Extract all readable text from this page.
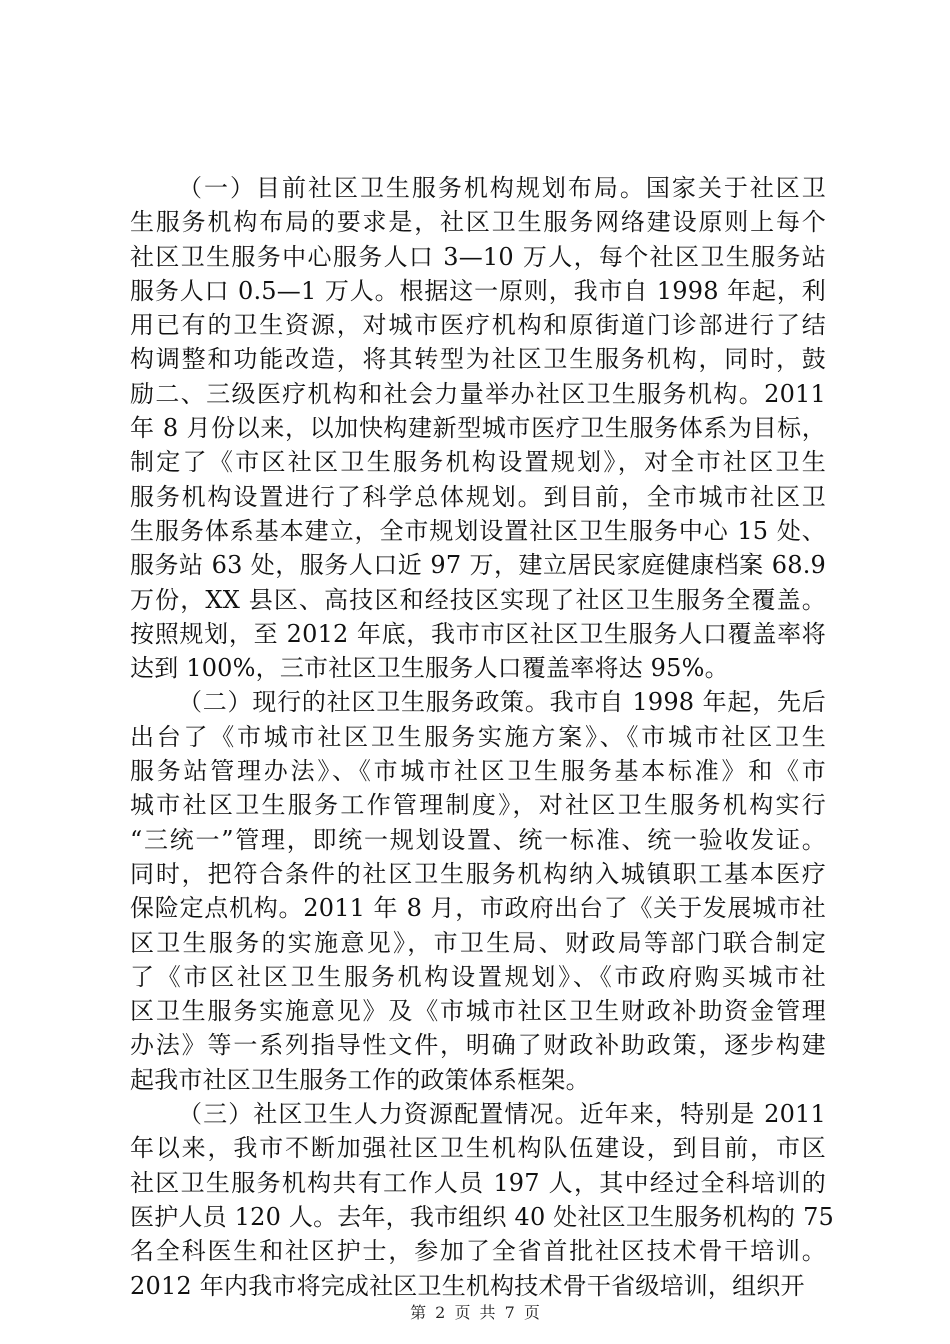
（一）目前社区卫生服务机构规划布局。国家关于社区卫
生服务机构布局的要求是，社区卫生服务网络建设原则上每个
社区卫生服务中心服务人口 3—10 万人，每个社区卫生服务站
服务人口 0.5—1 万人。根据这一原则，我市自 1998 年起，利
用已有的卫生资源，对城市医疗机构和原街道门诊部进行了结
构调整和功能改造，将其转型为社区卫生服务机构，同时，鼓
励二、三级医疗机构和社会力量举办社区卫生服务机构。2011
年 8 月份以来，以加快构建新型城市医疗卫生服务体系为目标，
制定了《市区社区卫生服务机构设置规划》，对全市社区卫生
服务机构设置进行了科学总体规划。到目前，全市城市社区卫
生服务体系基本建立，全市规划设置社区卫生服务中心 15 处、
服务站 63 处，服务人口近 97 万，建立居民家庭健康档案 68.9
万份，XX 县区、高技区和经技区实现了社区卫生服务全覆盖。
按照规划，至 2012 年底，我市市区社区卫生服务人口覆盖率将
达到 100%，三市社区卫生服务人口覆盖率将达 95%。
（二）现行的社区卫生服务政策。我市自 1998 年起，先后
出台了《市城市社区卫生服务实施方案》、《市城市社区卫生
服务站管理办法》、《市城市社区卫生服务基本标准》和《市
城市社区卫生服务工作管理制度》，对社区卫生服务机构实行
“三统一”管理，即统一规划设置、统一标准、统一验收发证。
同时，把符合条件的社区卫生服务机构纳入城镇职工基本医疗
保险定点机构。2011 年 8 月，市政府出台了《关于发展城市社
区卫生服务的实施意见》，市卫生局、财政局等部门联合制定
了《市区社区卫生服务机构设置规划》、《市政府购买城市社
区卫生服务实施意见》及《市城市社区卫生财政补助资金管理
办法》等一系列指导性文件，明确了财政补助政策，逐步构建
起我市社区卫生服务工作的政策体系框架。
（三）社区卫生人力资源配置情况。近年来，特别是 2011
年以来，我市不断加强社区卫生机构队伍建设，到目前，市区
社区卫生服务机构共有工作人员 197 人，其中经过全科培训的
医护人员 120 人。去年，我市组织 40 处社区卫生服务机构的 75
名全科医生和社区护士，参加了全省首批社区技术骨干培训。
2012 年内我市将完成社区卫生机构技术骨干省级培训，组织开
第 2 页 共 7 页
